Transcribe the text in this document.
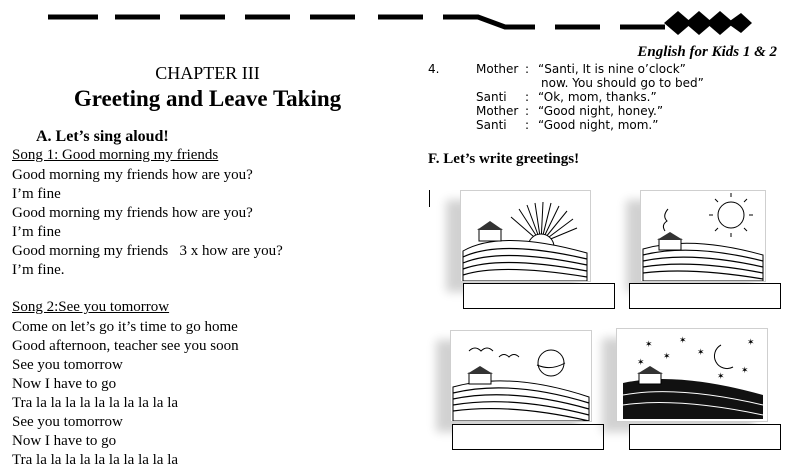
English for Kids 1 & 2
CHAPTER III
Greeting and Leave Taking
A. Let’s sing aloud!
Song 1: Good morning my friends
Good morning my friends how are you?
I’m fine
Good morning my friends how are you?
I’m fine
Good morning my friends   3 x how are you?
I’m fine.
Song 2:See you tomorrow
Come on let’s go it’s time to go home
Good afternoon, teacher see you soon
See you tomorrow
Now I have to go
Tra la la la la la la la la la la
See you tomorrow
Now I have to go
Tra la la la la la la la la la la
4.	Mother : “Santi, It is nine o’clock”
now. You should go to bed”
Santi : “Ok, mom, thanks.”
Mother : “Good night, honey.”
Santi : “Good night, mom.”
F. Let’s write greetings!
✶	✶
✶	✶
✶
✶
✶
✶
